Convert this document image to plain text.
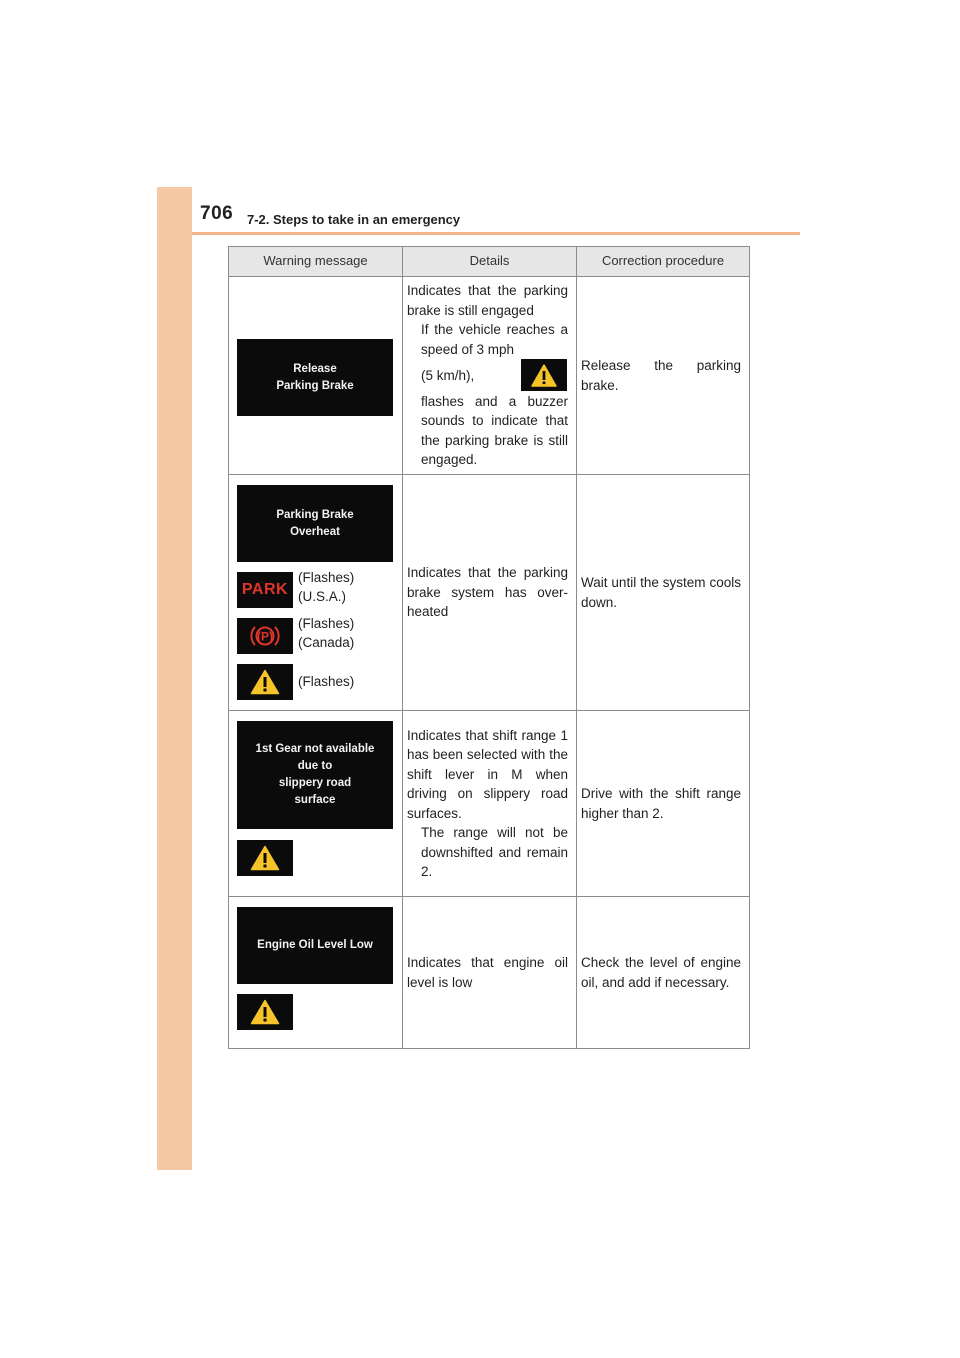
706 7-2. Steps to take in an emergency
Warning message	Details	Correction procedure
Release
Parking Brake
Indicates that the parking brake is still engaged
If the vehicle reaches a speed of 3 mph
(5 km/h),
flashes and a buzzer sounds to indicate that the parking brake is still engaged.
Release the parking brake.
Parking Brake
Overheat
PARK
(Flashes)
(U.S.A.)
(P)
(Flashes)
(Canada)
(Flashes)
Indicates that the parking brake system has over-heated
Wait until the system cools down.
1st Gear not available
due to
slippery road
surface
Indicates that shift range 1 has been selected with the shift lever in M when driving on slippery road surfaces.
The range will not be downshifted and remain 2.
Drive with the shift range higher than 2.
Engine Oil Level Low
Indicates that engine oil level is low
Check the level of engine oil, and add if necessary.
